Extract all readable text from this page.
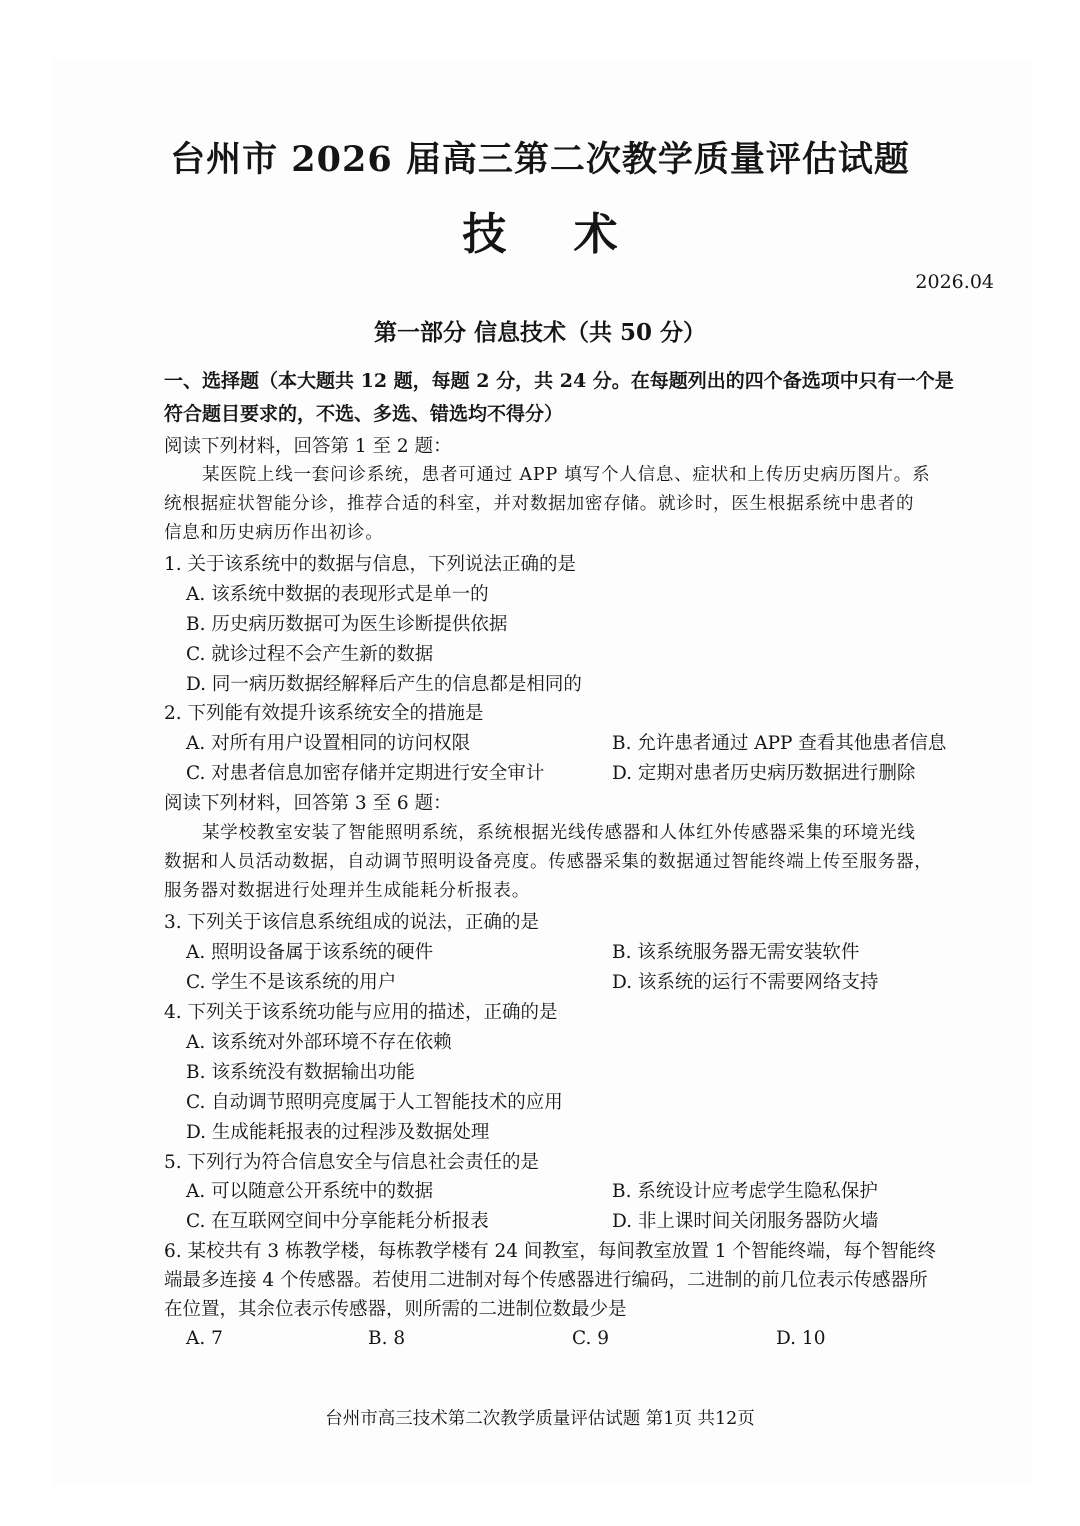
台州市 2026 届高三第二次教学质量评估试题
技 术
2026.04
第一部分 信息技术（共 50 分）
一、选择题（本大题共 12 题，每题 2 分，共 24 分。在每题列出的四个备选项中只有一个是
符合题目要求的，不选、多选、错选均不得分）
阅读下列材料，回答第 1 至 2 题：
某医院上线一套问诊系统，患者可通过 APP 填写个人信息、症状和上传历史病历图片。系
统根据症状智能分诊，推荐合适的科室，并对数据加密存储。就诊时，医生根据系统中患者的
信息和历史病历作出初诊。
1. 关于该系统中的数据与信息，下列说法正确的是
A. 该系统中数据的表现形式是单一的
B. 历史病历数据可为医生诊断提供依据
C. 就诊过程不会产生新的数据
D. 同一病历数据经解释后产生的信息都是相同的
2. 下列能有效提升该系统安全的措施是
A. 对所有用户设置相同的访问权限	B. 允许患者通过 APP 查看其他患者信息
C. 对患者信息加密存储并定期进行安全审计	D. 定期对患者历史病历数据进行删除
阅读下列材料，回答第 3 至 6 题：
某学校教室安装了智能照明系统，系统根据光线传感器和人体红外传感器采集的环境光线
数据和人员活动数据，自动调节照明设备亮度。传感器采集的数据通过智能终端上传至服务器，
服务器对数据进行处理并生成能耗分析报表。
3. 下列关于该信息系统组成的说法，正确的是
A. 照明设备属于该系统的硬件	B. 该系统服务器无需安装软件
C. 学生不是该系统的用户	D. 该系统的运行不需要网络支持
4. 下列关于该系统功能与应用的描述，正确的是
A. 该系统对外部环境不存在依赖
B. 该系统没有数据输出功能
C. 自动调节照明亮度属于人工智能技术的应用
D. 生成能耗报表的过程涉及数据处理
5. 下列行为符合信息安全与信息社会责任的是
A. 可以随意公开系统中的数据	B. 系统设计应考虑学生隐私保护
C. 在互联网空间中分享能耗分析报表	D. 非上课时间关闭服务器防火墙
6. 某校共有 3 栋教学楼，每栋教学楼有 24 间教室，每间教室放置 1 个智能终端，每个智能终
端最多连接 4 个传感器。若使用二进制对每个传感器进行编码，二进制的前几位表示传感器所
在位置，其余位表示传感器，则所需的二进制位数最少是
A. 7	B. 8	C. 9	D. 10
台州市高三技术第二次教学质量评估试题 第1页 共12页
